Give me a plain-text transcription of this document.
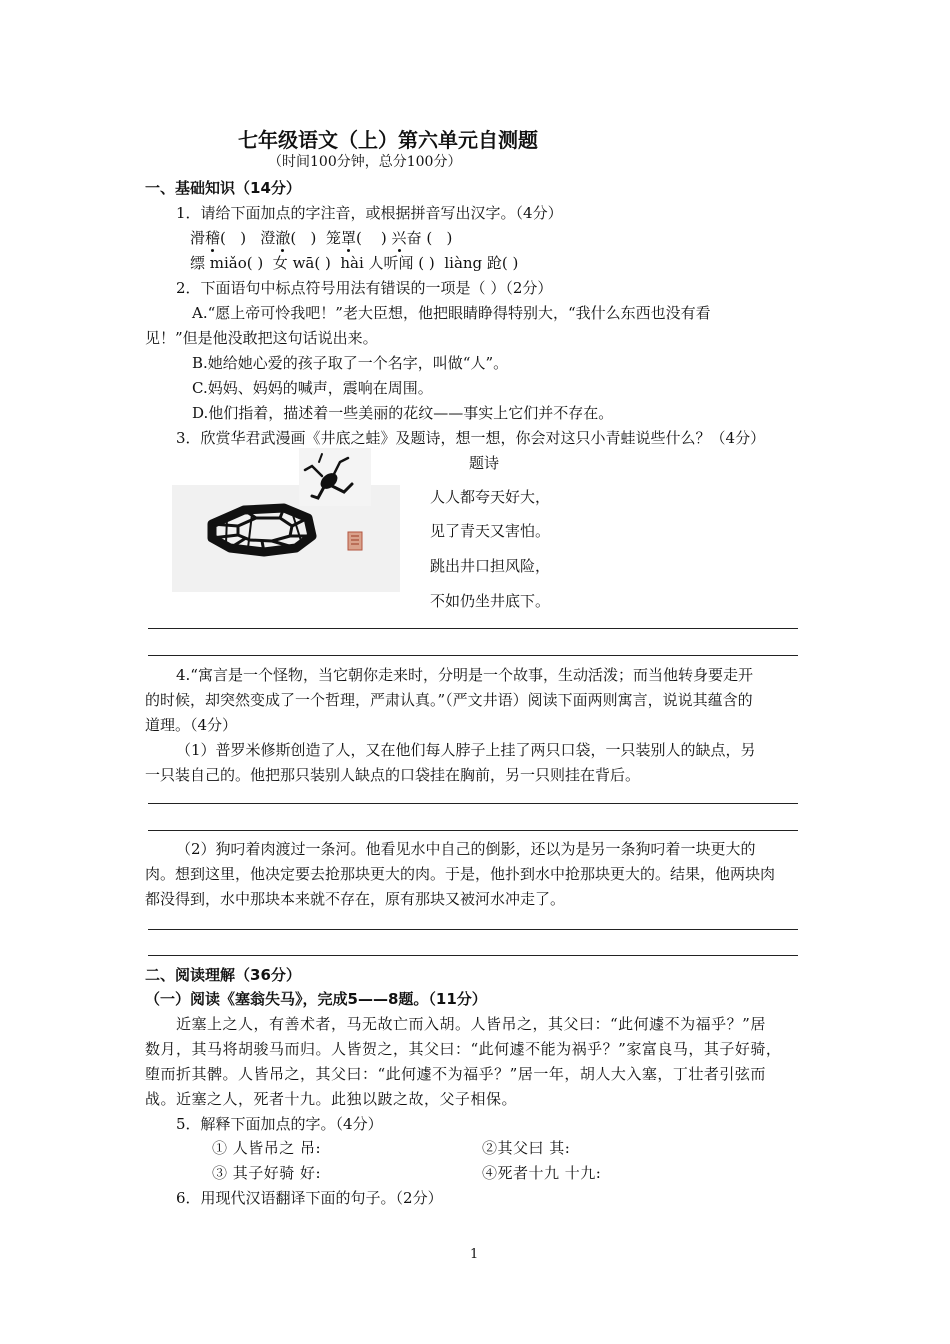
七年级语文（上）第六单元自测题
（时间100分钟，总分100分）
一、基础知识（14分）
1．请给下面加点的字注音，或根据拼音写出汉字。（4分）
滑稽(   ) 澄澈(   ) 笼罩(    ) 兴奋 (   )
缥 miǎo( ) 女 wā( ) hài 人听闻 ( ) liàng 跄( )
2．下面语句中标点符号用法有错误的一项是（ ）（2分）
A.“愿上帝可怜我吧！”老大臣想，他把眼睛睁得特别大，“我什么东西也没有看
见！”但是他没敢把这句话说出来。
B.她给她心爱的孩子取了一个名字，叫做“人”。
C.妈妈、妈妈的喊声，震响在周围。
D.他们指着，描述着一些美丽的花纹——事实上它们并不存在。
3．欣赏华君武漫画《井底之蛙》及题诗，想一想，你会对这只小青蛙说些什么？（4分）
题诗
人人都夸天好大，
见了青天又害怕。
跳出井口担风险，
不如仍坐井底下。
4.“寓言是一个怪物，当它朝你走来时，分明是一个故事，生动活泼；而当他转身要走开
的时候，却突然变成了一个哲理，严肃认真。”（严文井语）阅读下面两则寓言，说说其蕴含的
道理。（4分）
（1）普罗米修斯创造了人，又在他们每人脖子上挂了两只口袋，一只装别人的缺点，另
一只装自己的。他把那只装别人缺点的口袋挂在胸前，另一只则挂在背后。
（2）狗叼着肉渡过一条河。他看见水中自己的倒影，还以为是另一条狗叼着一块更大的
肉。想到这里，他决定要去抢那块更大的肉。于是，他扑到水中抢那块更大的。结果，他两块肉
都没得到，水中那块本来就不存在，原有那块又被河水冲走了。
二、阅读理解（36分）
（一）阅读《塞翁失马》，完成5——8题。（11分）
近塞上之人，有善术者，马无故亡而入胡。人皆吊之，其父曰：“此何遽不为福乎？”居
数月，其马将胡骏马而归。人皆贺之，其父曰：“此何遽不能为祸乎？”家富良马，其子好骑，
堕而折其髀。人皆吊之，其父曰：“此何遽不为福乎？”居一年，胡人大入塞，丁壮者引弦而
战。近塞之人，死者十九。此独以跛之故，父子相保。
5．解释下面加点的字。（4分）
① 人皆吊之 吊:	②其父曰 其:
③ 其子好骑 好:	④死者十九 十九:
6．用现代汉语翻译下面的句子。（2分）
1
